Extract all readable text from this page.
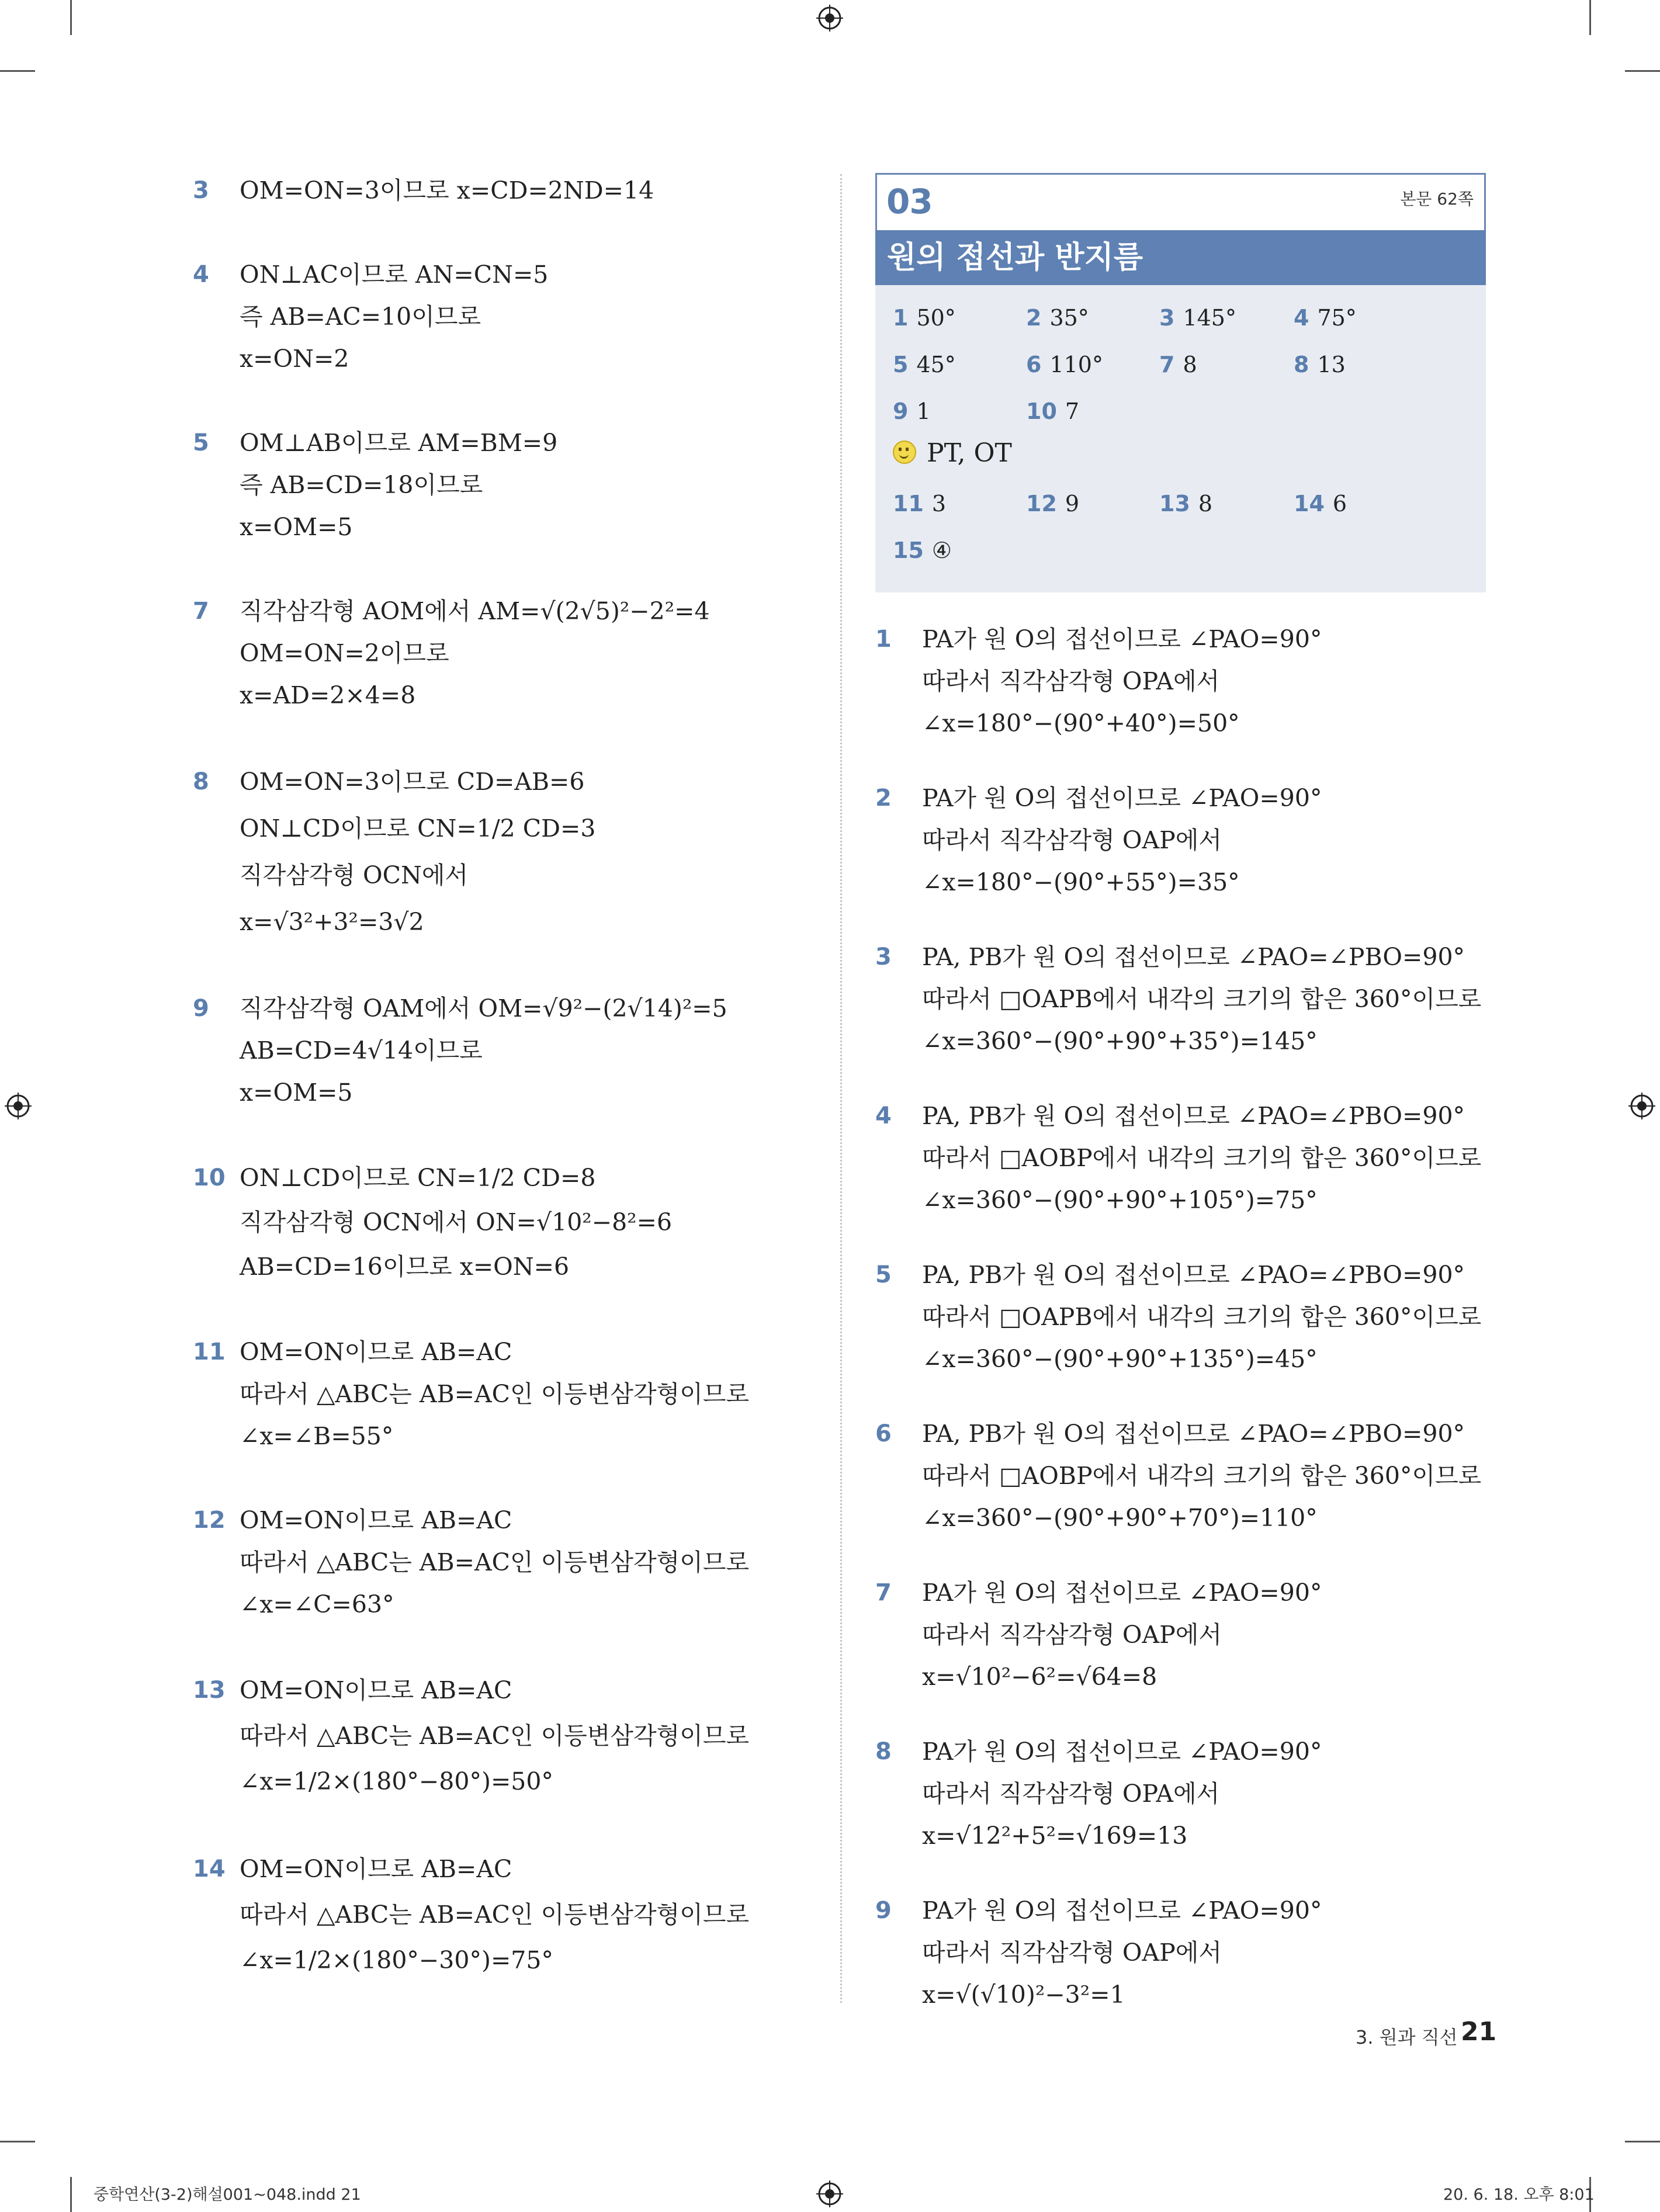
3 OM=ON=3이므로 x=CD=2ND=14
4 ON⊥AC이므로 AN=CN=5
즉 AB=AC=10이므로
x=ON=2
5 OM⊥AB이므로 AM=BM=9
즉 AB=CD=18이므로
x=OM=5
7 직각삼각형 AOM에서 AM=√(2√5)²−2²=4
OM=ON=2이므로
x=AD=2×4=8
8 OM=ON=3이므로 CD=AB=6
ON⊥CD이므로 CN=1/2 CD=3
직각삼각형 OCN에서
x=√3²+3²=3√2
9 직각삼각형 OAM에서 OM=√9²−(2√14)²=5
AB=CD=4√14이므로
x=OM=5
10 ON⊥CD이므로 CN=1/2 CD=8
직각삼각형 OCN에서 ON=√10²−8²=6
AB=CD=16이므로 x=ON=6
11 OM=ON이므로 AB=AC
따라서 △ABC는 AB=AC인 이등변삼각형이므로
∠x=∠B=55°
12 OM=ON이므로 AB=AC
따라서 △ABC는 AB=AC인 이등변삼각형이므로
∠x=∠C=63°
13 OM=ON이므로 AB=AC
따라서 △ABC는 AB=AC인 이등변삼각형이므로
∠x=1/2×(180°−80°)=50°
14 OM=ON이므로 AB=AC
따라서 △ABC는 AB=AC인 이등변삼각형이므로
∠x=1/2×(180°−30°)=75°
03	본문 62쪽
원의 접선과 반지름
1 50°	2 35°	3 145°	4 75°
5 45°	6 110°	7 8	8 13
9 1	10 7
PT, OT
11 3	12 9	13 8	14 6
15 ④
1 PA가 원 O의 접선이므로 ∠PAO=90°
따라서 직각삼각형 OPA에서
∠x=180°−(90°+40°)=50°
2 PA가 원 O의 접선이므로 ∠PAO=90°
따라서 직각삼각형 OAP에서
∠x=180°−(90°+55°)=35°
3 PA, PB가 원 O의 접선이므로 ∠PAO=∠PBO=90°
따라서 □OAPB에서 내각의 크기의 합은 360°이므로
∠x=360°−(90°+90°+35°)=145°
4 PA, PB가 원 O의 접선이므로 ∠PAO=∠PBO=90°
따라서 □AOBP에서 내각의 크기의 합은 360°이므로
∠x=360°−(90°+90°+105°)=75°
5 PA, PB가 원 O의 접선이므로 ∠PAO=∠PBO=90°
따라서 □OAPB에서 내각의 크기의 합은 360°이므로
∠x=360°−(90°+90°+135°)=45°
6 PA, PB가 원 O의 접선이므로 ∠PAO=∠PBO=90°
따라서 □AOBP에서 내각의 크기의 합은 360°이므로
∠x=360°−(90°+90°+70°)=110°
7 PA가 원 O의 접선이므로 ∠PAO=90°
따라서 직각삼각형 OAP에서
x=√10²−6²=√64=8
8 PA가 원 O의 접선이므로 ∠PAO=90°
따라서 직각삼각형 OPA에서
x=√12²+5²=√169=13
9 PA가 원 O의 접선이므로 ∠PAO=90°
따라서 직각삼각형 OAP에서
x=√(√10)²−3²=1
3. 원과 직선 21
중학연산(3-2)해설001~048.indd 21	20. 6. 18. 오후 8:01
